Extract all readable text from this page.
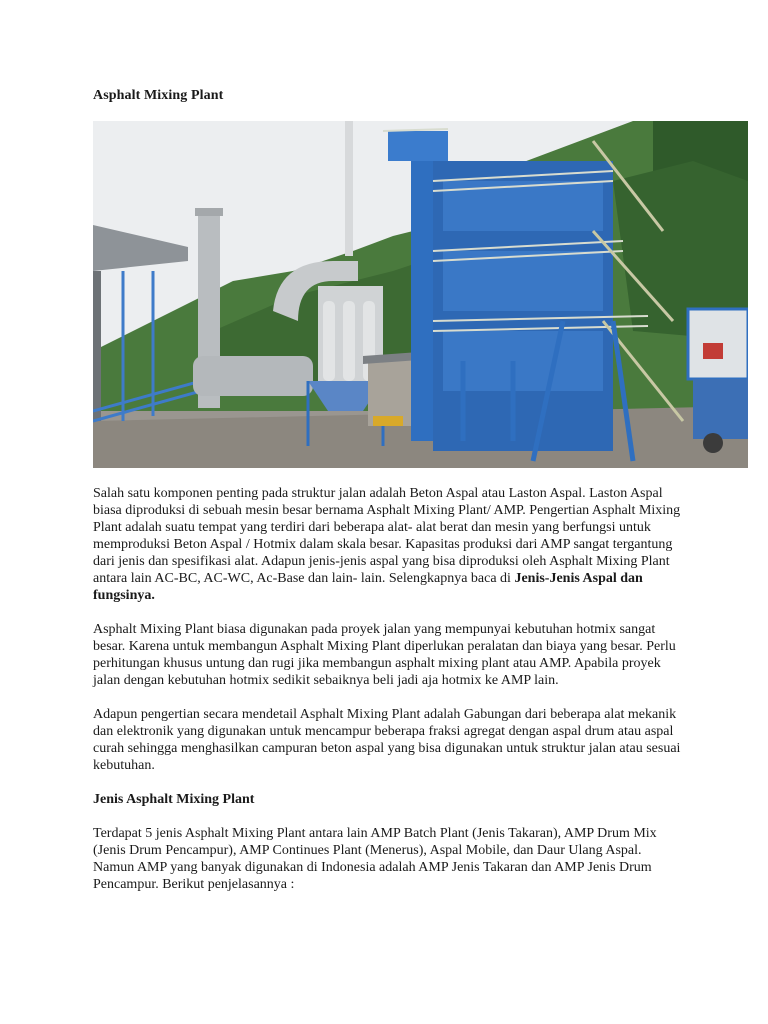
Asphalt Mixing Plant

Salah satu komponen penting pada struktur jalan adalah Beton Aspal atau Laston Aspal. Laston Aspal biasa diproduksi di sebuah mesin besar bernama Asphalt Mixing Plant/ AMP. Pengertian Asphalt Mixing Plant adalah suatu tempat yang terdiri dari beberapa alat- alat berat dan mesin yang berfungsi untuk memproduksi Beton Aspal / Hotmix dalam skala besar. Kapasitas produksi dari AMP sangat tergantung dari jenis dan spesifikasi alat. Adapun jenis-jenis aspal yang bisa diproduksi oleh Asphalt Mixing Plant antara lain AC-BC, AC-WC, Ac-Base dan lain- lain. Selengkapnya baca di Jenis-Jenis Aspal dan fungsinya.

Asphalt Mixing Plant biasa digunakan pada proyek jalan yang mempunyai kebutuhan hotmix sangat besar. Karena untuk membangun Asphalt Mixing Plant diperlukan peralatan dan biaya yang besar. Perlu perhitungan khusus untung dan rugi jika membangun asphalt mixing plant atau AMP. Apabila proyek jalan dengan kebutuhan hotmix sedikit sebaiknya beli jadi aja hotmix ke AMP lain.

Adapun pengertian secara mendetail Asphalt Mixing Plant adalah Gabungan dari beberapa alat mekanik dan elektronik yang digunakan untuk mencampur beberapa fraksi agregat dengan aspal drum atau aspal curah sehingga menghasilkan campuran beton aspal yang bisa digunakan untuk struktur jalan atau sesuai kebutuhan.

Jenis Asphalt Mixing Plant

Terdapat 5 jenis Asphalt Mixing Plant antara lain AMP Batch Plant (Jenis Takaran), AMP Drum Mix (Jenis Drum Pencampur), AMP Continues Plant (Menerus), Aspal Mobile, dan Daur Ulang Aspal. Namun AMP yang banyak digunakan di Indonesia adalah AMP Jenis Takaran dan AMP Jenis Drum Pencampur. Berikut penjelasannya :
